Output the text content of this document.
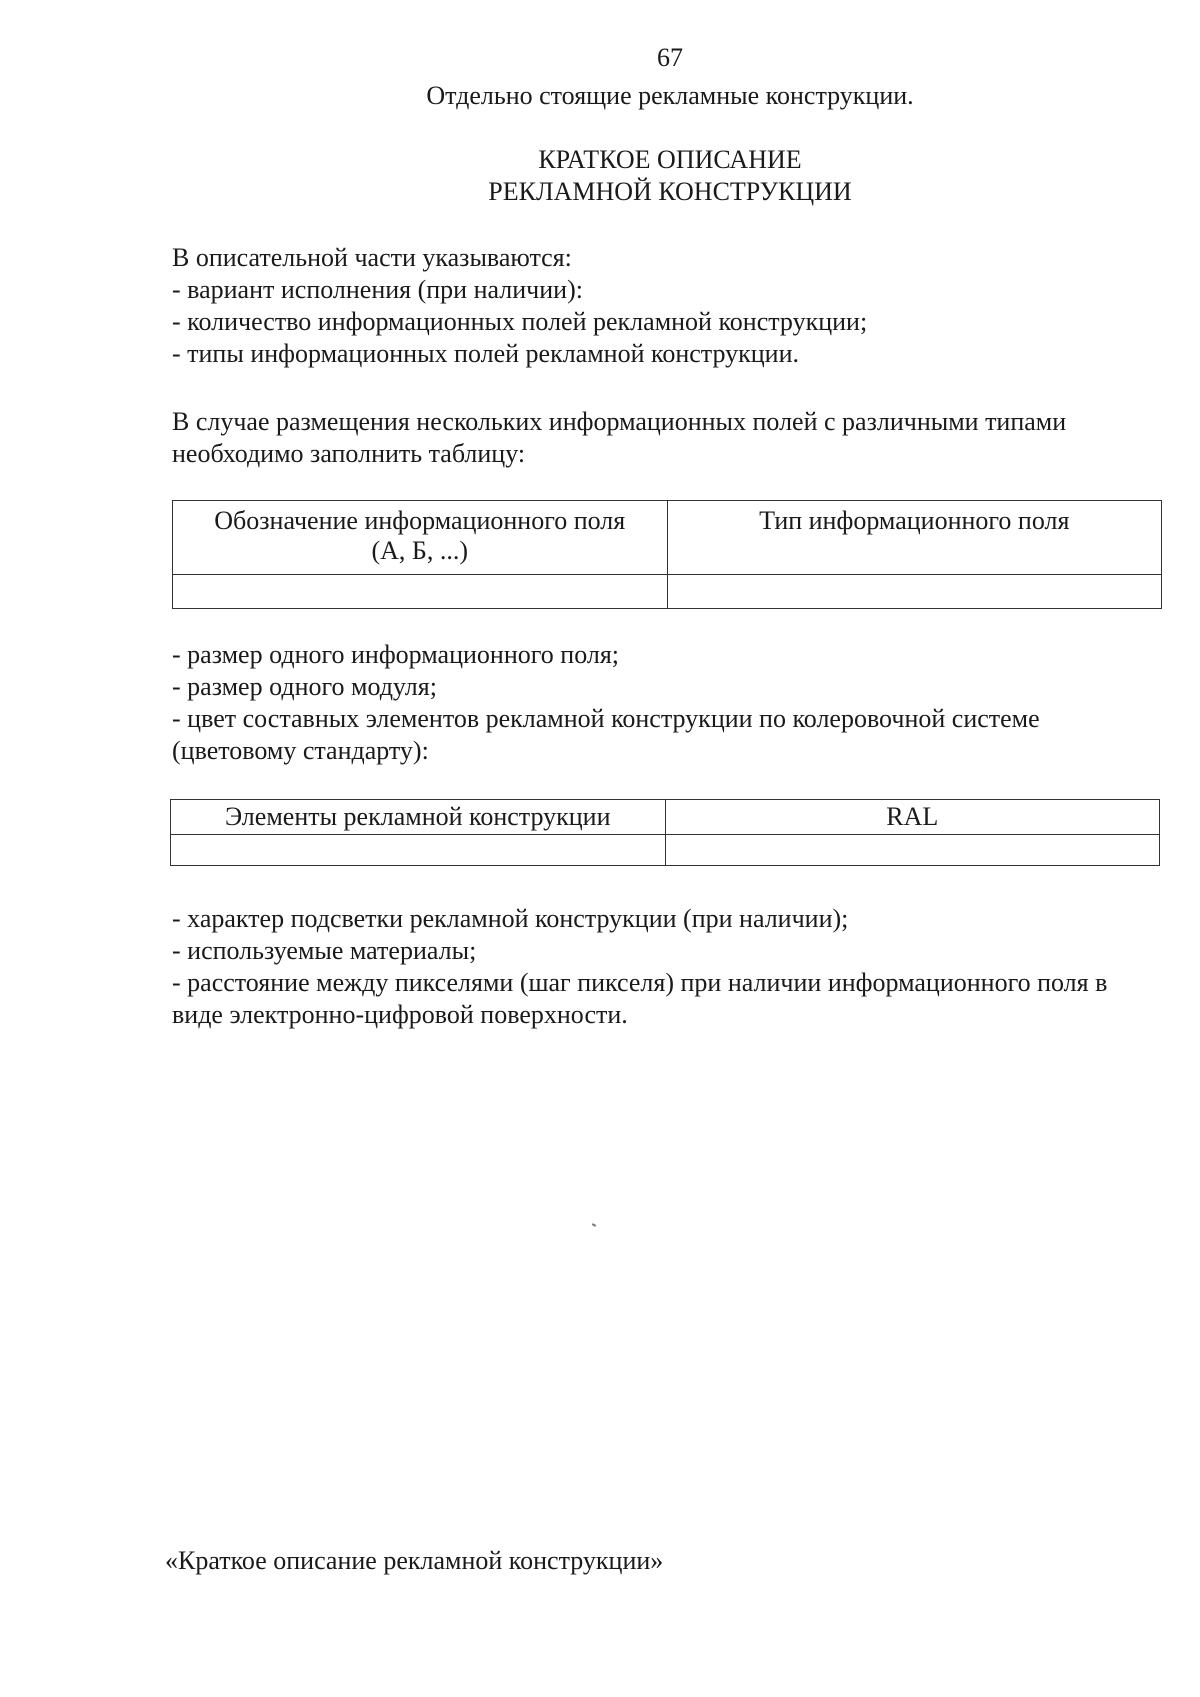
67
Отдельно стоящие рекламные конструкции.
КРАТКОЕ ОПИСАНИЕ
РЕКЛАМНОЙ КОНСТРУКЦИИ

В описательной части указываются:

- вариант исполнения (при наличии):

- количество информационных полей рекламной конструкции;

- типы информационных полей рекламной конструкции.

В случае размещения нескольких информационных полей с различными типами необходимо заполнить таблицу:

Обозначение информационного поля
(А, Б, ...)	Тип информационного поля

- размер одного информационного поля;

- размер одного модуля;

- цвет составных элементов рекламной конструкции по колеровочной системе (цветовому стандарту):

Элементы рекламной конструкции	RAL

- характер подсветки рекламной конструкции (при наличии);

- используемые материалы;

- расстояние между пикселями (шаг пикселя) при наличии информационного поля в виде электронно-цифровой поверхности.

«Краткое описание рекламной конструкции»
